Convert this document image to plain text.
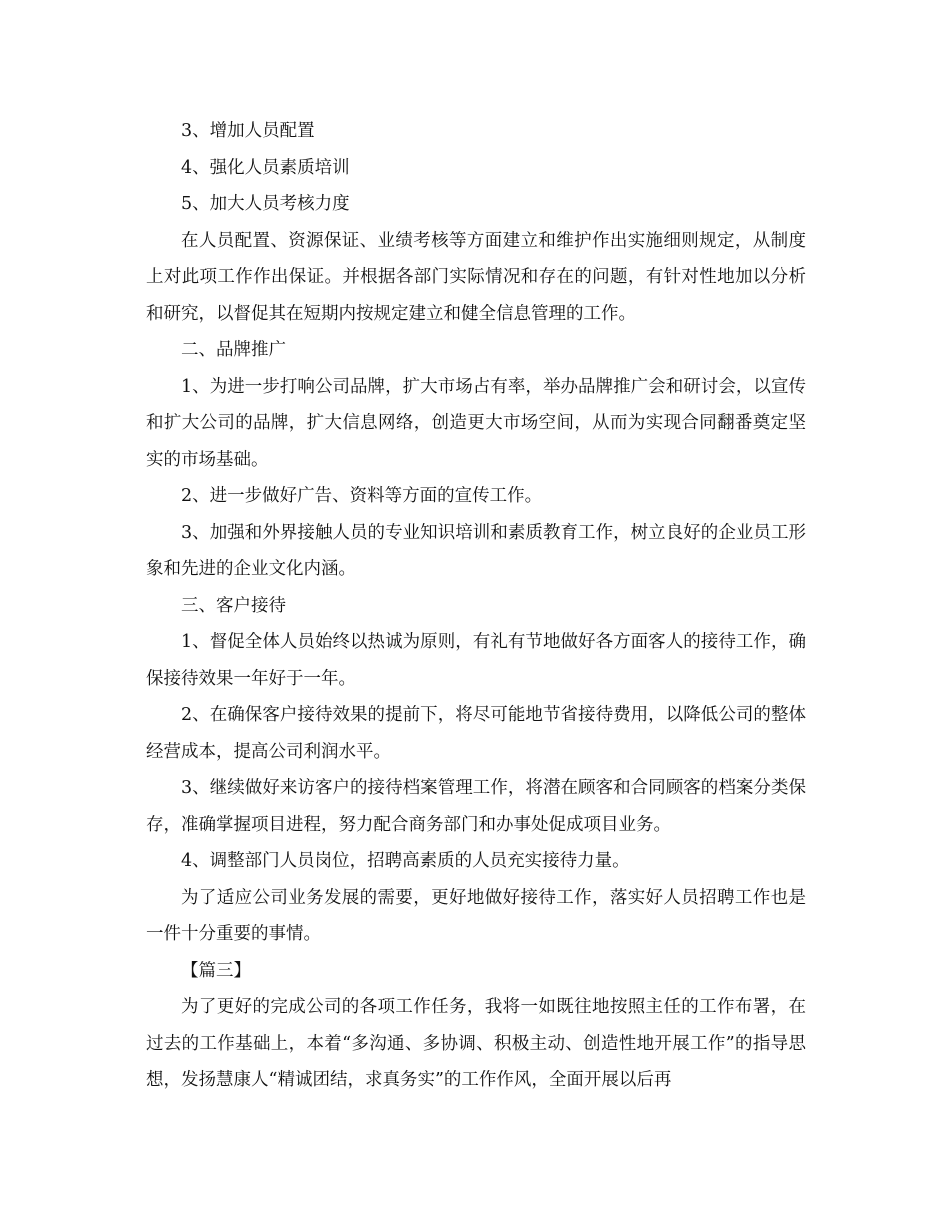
3、增加人员配置

4、强化人员素质培训

5、加大人员考核力度

在人员配置、资源保证、业绩考核等方面建立和维护作出实施细则规定，从制度上对此项工作作出保证。并根据各部门实际情况和存在的问题，有针对性地加以分析和研究，以督促其在短期内按规定建立和健全信息管理的工作。

二、品牌推广

1、为进一步打响公司品牌，扩大市场占有率，举办品牌推广会和研讨会，以宣传和扩大公司的品牌，扩大信息网络，创造更大市场空间，从而为实现合同翻番奠定坚实的市场基础。

2、进一步做好广告、资料等方面的宣传工作。

3、加强和外界接触人员的专业知识培训和素质教育工作，树立良好的企业员工形象和先进的企业文化内涵。

三、客户接待

1、督促全体人员始终以热诚为原则，有礼有节地做好各方面客人的接待工作，确保接待效果一年好于一年。

2、在确保客户接待效果的提前下，将尽可能地节省接待费用，以降低公司的整体经营成本，提高公司利润水平。

3、继续做好来访客户的接待档案管理工作，将潜在顾客和合同顾客的档案分类保存，准确掌握项目进程，努力配合商务部门和办事处促成项目业务。

4、调整部门人员岗位，招聘高素质的人员充实接待力量。

为了适应公司业务发展的需要，更好地做好接待工作，落实好人员招聘工作也是一件十分重要的事情。

【篇三】

为了更好的完成公司的各项工作任务，我将一如既往地按照主任的工作布署，在过去的工作基础上，本着“多沟通、多协调、积极主动、创造性地开展工作”的指导思想，发扬慧康人“精诚团结，求真务实”的工作作风，全面开展以后再
